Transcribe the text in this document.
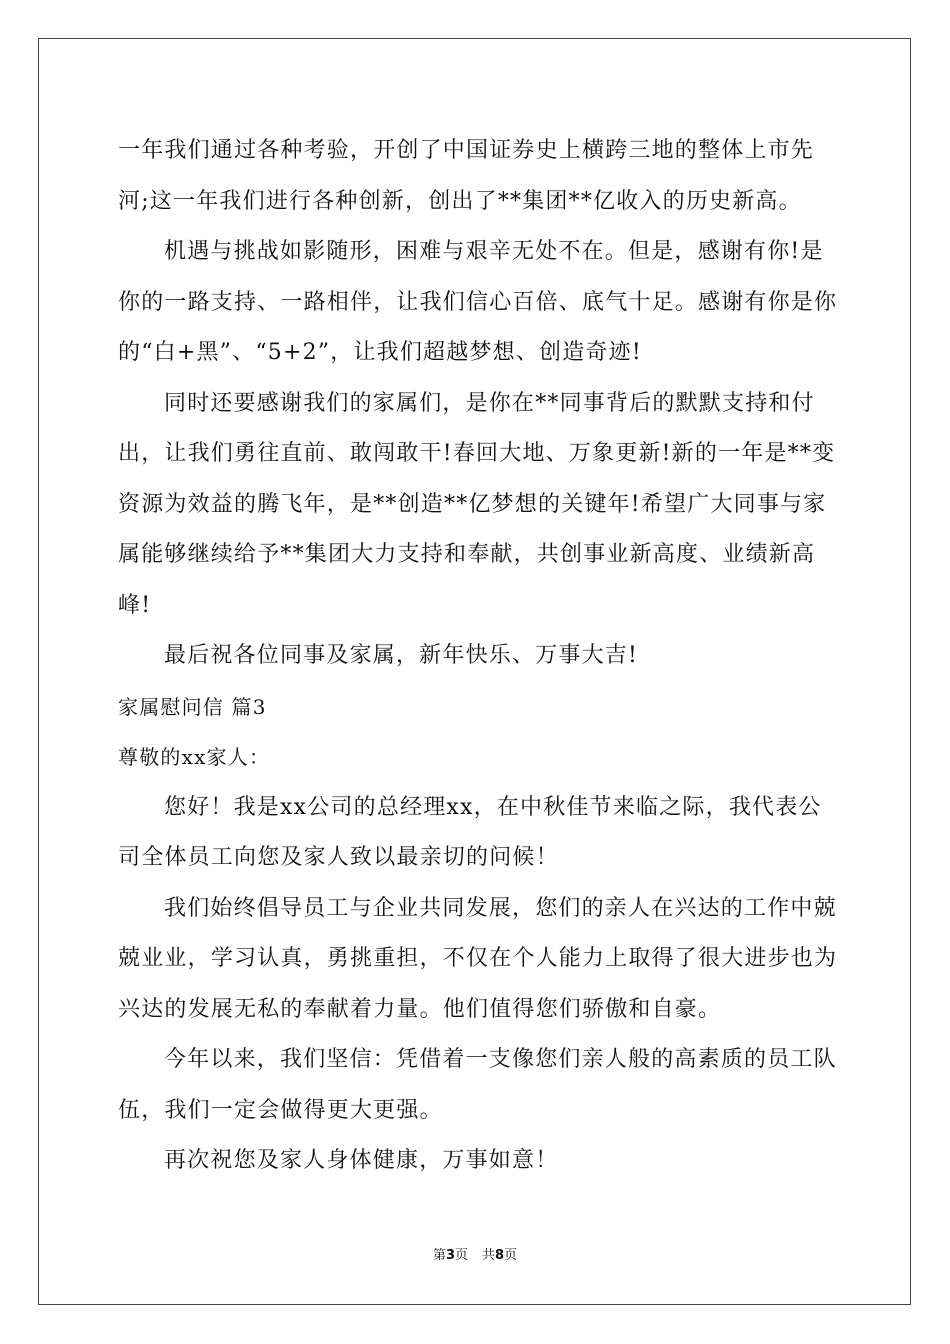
一年我们通过各种考验，开创了中国证券史上横跨三地的整体上市先河;这一年我们进行各种创新，创出了**集团**亿收入的历史新高。

机遇与挑战如影随形，困难与艰辛无处不在。但是，感谢有你!是你的一路支持、一路相伴，让我们信心百倍、底气十足。感谢有你是你的“白+黑”、“5+2”，让我们超越梦想、创造奇迹!

同时还要感谢我们的家属们，是你在**同事背后的默默支持和付出，让我们勇往直前、敢闯敢干!春回大地、万象更新!新的一年是**变资源为效益的腾飞年，是**创造**亿梦想的关键年!希望广大同事与家属能够继续给予**集团大力支持和奉献，共创事业新高度、业绩新高峰!

最后祝各位同事及家属，新年快乐、万事大吉!

家属慰问信 篇3

尊敬的xx家人：

您好！我是xx公司的总经理xx，在中秋佳节来临之际，我代表公司全体员工向您及家人致以最亲切的问候！

我们始终倡导员工与企业共同发展，您们的亲人在兴达的工作中兢兢业业，学习认真，勇挑重担，不仅在个人能力上取得了很大进步也为兴达的发展无私的奉献着力量。他们值得您们骄傲和自豪。

今年以来，我们坚信：凭借着一支像您们亲人般的高素质的员工队伍，我们一定会做得更大更强。

再次祝您及家人身体健康，万事如意！

第3页 共8页
